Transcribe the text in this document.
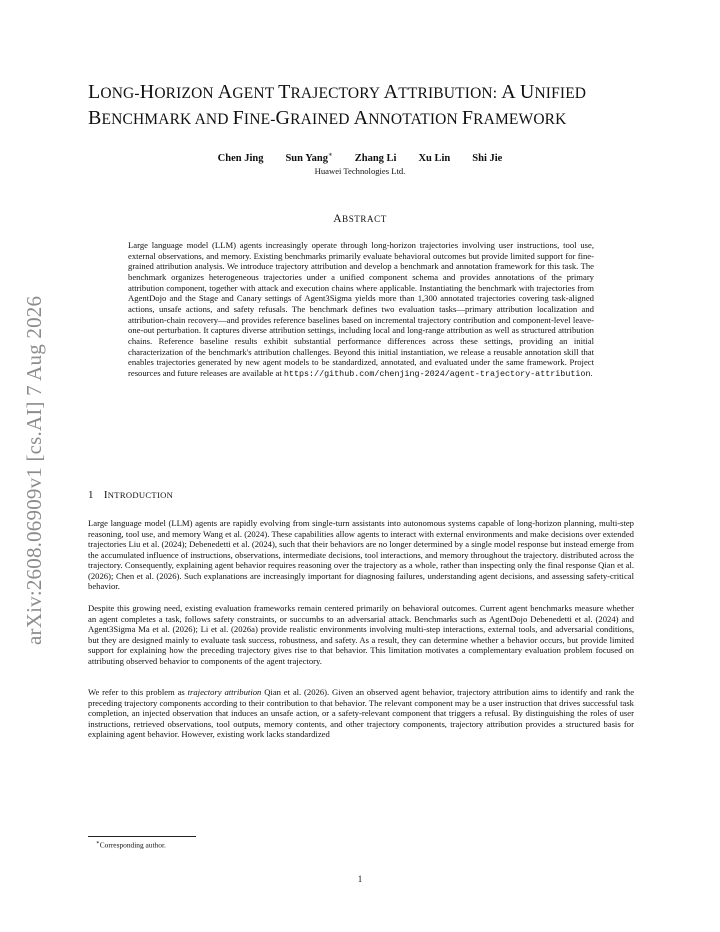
arXiv:2608.06909v1 [cs.AI] 7 Aug 2026
LONG-HORIZON AGENT TRAJECTORY ATTRIBUTION: A UNIFIED
BENCHMARK AND FINE-GRAINED ANNOTATION FRAMEWORK
Chen Jing Sun Yang∗ Zhang Li Xu Lin Shi Jie
Huawei Technologies Ltd.
ABSTRACT
Large language model (LLM) agents increasingly operate through long-horizon trajectories involving user instructions, tool use, external observations, and memory. Existing benchmarks primarily evaluate behavioral outcomes but provide limited support for fine-grained attribution analysis. We introduce trajectory attribution and develop a benchmark and annotation framework for this task. The benchmark organizes heterogeneous trajectories under a unified component schema and provides annotations of the primary attribution component, together with attack and execution chains where applicable. Instantiating the benchmark with trajectories from AgentDojo and the Stage and Canary settings of Agent3Sigma yields more than 1,300 annotated trajectories covering task-aligned actions, unsafe actions, and safety refusals. The benchmark defines two evaluation tasks—primary attribution localization and attribution-chain recovery—and provides reference baselines based on incremental trajectory contribution and component-level leave-one-out perturbation. It captures diverse attribution settings, including local and long-range attribution as well as structured attribution chains. Reference baseline results exhibit substantial performance differences across these settings, providing an initial characterization of the benchmark's attribution challenges. Beyond this initial instantiation, we release a reusable annotation skill that enables trajectories generated by new agent models to be standardized, annotated, and evaluated under the same framework. Project resources and future releases are available at https://github.com/chenjing-2024/agent-trajectory-attribution.
1 INTRODUCTION
Large language model (LLM) agents are rapidly evolving from single-turn assistants into autonomous systems capable of long-horizon planning, multi-step reasoning, tool use, and memory Wang et al. (2024). These capabilities allow agents to interact with external environments and make decisions over extended trajectories Liu et al. (2024); Debenedetti et al. (2024), such that their behaviors are no longer determined by a single model response but instead emerge from the accumulated influence of instructions, observations, intermediate decisions, tool interactions, and memory throughout the trajectory. distributed across the trajectory. Consequently, explaining agent behavior requires reasoning over the trajectory as a whole, rather than inspecting only the final response Qian et al. (2026); Chen et al. (2026). Such explanations are increasingly important for diagnosing failures, understanding agent decisions, and assessing safety-critical behavior.
Despite this growing need, existing evaluation frameworks remain centered primarily on behavioral outcomes. Current agent benchmarks measure whether an agent completes a task, follows safety constraints, or succumbs to an adversarial attack. Benchmarks such as AgentDojo Debenedetti et al. (2024) and Agent3Sigma Ma et al. (2026); Li et al. (2026a) provide realistic environments involving multi-step interactions, external tools, and adversarial conditions, but they are designed mainly to evaluate task success, robustness, and safety. As a result, they can determine whether a behavior occurs, but provide limited support for explaining how the preceding trajectory gives rise to that behavior. This limitation motivates a complementary evaluation problem focused on attributing observed behavior to components of the agent trajectory.
We refer to this problem as trajectory attribution Qian et al. (2026). Given an observed agent behavior, trajectory attribution aims to identify and rank the preceding trajectory components according to their contribution to that behavior. The relevant component may be a user instruction that drives successful task completion, an injected observation that induces an unsafe action, or a safety-relevant component that triggers a refusal. By distinguishing the roles of user instructions, retrieved observations, tool outputs, memory contents, and other trajectory components, trajectory attribution provides a structured basis for explaining agent behavior. However, existing work lacks standardized
∗Corresponding author.
1
